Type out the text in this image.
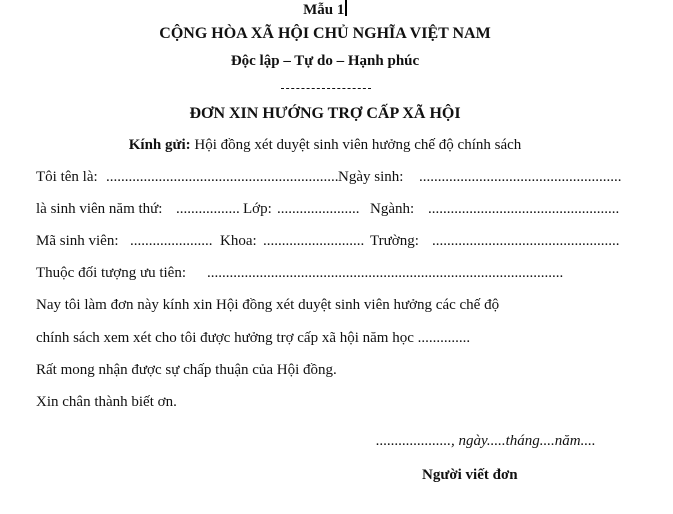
Mẫu 1
CỘNG HÒA XÃ HỘI CHỦ NGHĨA VIỆT NAM
Độc lập – Tự do – Hạnh phúc
ĐƠN XIN HƯỚNG TRỢ CẤP XÃ HỘI
Kính gửi: Hội đồng xét duyệt sinh viên hưởng chế độ chính sách
Tôi tên là: .............................................................. Ngày sinh: ......................................................
là sinh viên năm thứ: ................. Lớp: ...................... Ngành: ...................................................
Mã sinh viên: ...................... Khoa: ........................... Trường: ..................................................
Thuộc đối tượng ưu tiên: ...............................................................................................
Nay tôi làm đơn này kính xin Hội đồng xét duyệt sinh viên hưởng các chế độ
chính sách xem xét cho tôi được hưởng trợ cấp xã hội năm học ..............
Rất mong nhận được sự chấp thuận của Hội đồng.
Xin chân thành biết ơn.
...................., ngày.....tháng....năm....
Người viết đơn
